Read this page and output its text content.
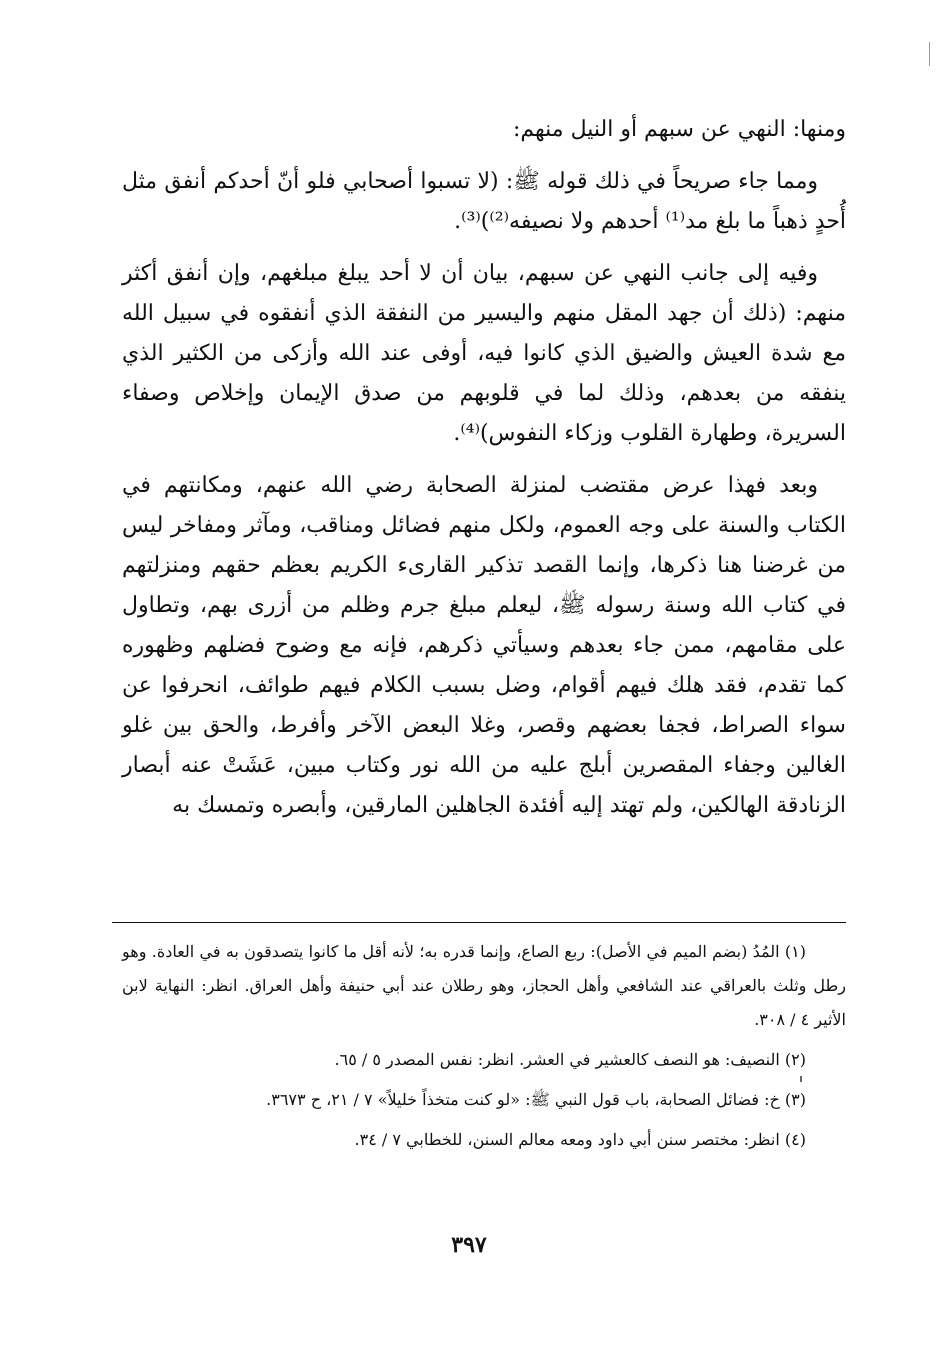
ومنها: النهي عن سبهم أو النيل منهم:

ومما جاء صريحاً في ذلك قوله ﷺ: (لا تسبوا أصحابي فلو أنّ أحدكم أنفق مثل أُحدٍ ذهباً ما بلغ مد⁽¹⁾ أحدهم ولا نصيفه⁽²⁾)⁽³⁾.

وفيه إلى جانب النهي عن سبهم، بيان أن لا أحد يبلغ مبلغهم، وإن أنفق أكثر منهم: (ذلك أن جهد المقل منهم واليسير من النفقة الذي أنفقوه في سبيل الله مع شدة العيش والضيق الذي كانوا فيه، أوفى عند الله وأزكى من الكثير الذي ينفقه من بعدهم، وذلك لما في قلوبهم من صدق الإيمان وإخلاص وصفاء السريرة، وطهارة القلوب وزكاء النفوس)⁽⁴⁾.

وبعد فهذا عرض مقتضب لمنزلة الصحابة رضي الله عنهم، ومكانتهم في الكتاب والسنة على وجه العموم، ولكل منهم فضائل ومناقب، ومآثر ومفاخر ليس من غرضنا هنا ذكرها، وإنما القصد تذكير القارىء الكريم بعظم حقهم ومنزلتهم في كتاب الله وسنة رسوله ﷺ، ليعلم مبلغ جرم وظلم من أزرى بهم، وتطاول على مقامهم، ممن جاء بعدهم وسيأتي ذكرهم، فإنه مع وضوح فضلهم وظهوره كما تقدم، فقد هلك فيهم أقوام، وضل بسبب الكلام فيهم طوائف، انحرفوا عن سواء الصراط، فجفا بعضهم وقصر، وغلا البعض الآخر وأفرط، والحق بين غلو الغالين وجفاء المقصرين أبلج عليه من الله نور وكتاب مبين، عَشَتْ عنه أبصار الزنادقة الهالكين، ولم تهتد إليه أفئدة الجاهلين المارقين، وأبصره وتمسك به

(١) المُدُ (بضم الميم في الأصل): ربع الصاع، وإنما قدره به؛ لأنه أقل ما كانوا يتصدقون به في العادة. وهو رطل وثلث بالعراقي عند الشافعي وأهل الحجاز، وهو رطلان عند أبي حنيفة وأهل العراق. انظر: النهاية لابن الأثير ٤ / ٣٠٨.

(٢) النصيف: هو النصف كالعشير في العشر. انظر: نفس المصدر ٥ / ٦٥.

(٣) خ: فضائل الصحابة، باب قول النبي ﷺ: «لو كنت متخذاً خليلاً» ٧ / ٢١، ح ٣٦٧٣.

(٤) انظر: مختصر سنن أبي داود ومعه معالم السنن، للخطابي ٧ / ٣٤.

٣٩٧
